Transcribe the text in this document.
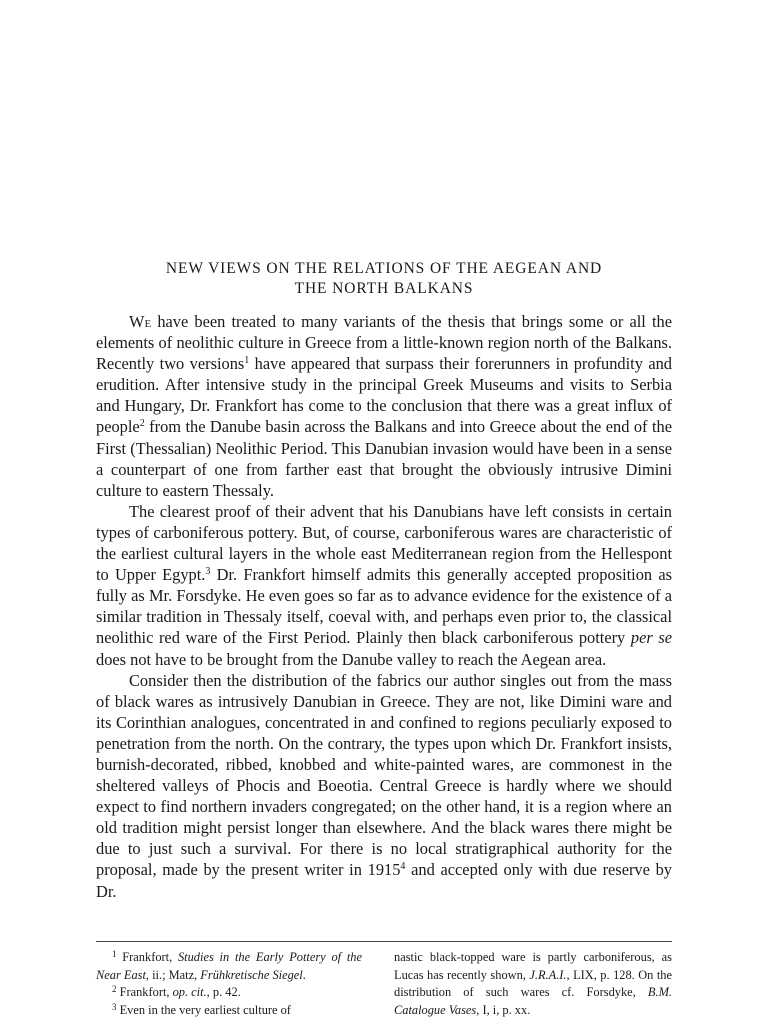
NEW VIEWS ON THE RELATIONS OF THE AEGEAN AND
THE NORTH BALKANS

We have been treated to many variants of the thesis that brings some or all the elements of neolithic culture in Greece from a little-known region north of the Balkans. Recently two versions$^1$ have appeared that surpass their forerunners in profundity and erudition. After intensive study in the principal Greek Museums and visits to Serbia and Hungary, Dr. Frankfort has come to the conclusion that there was a great influx of people$^2$ from the Danube basin across the Balkans and into Greece about the end of the First (Thessalian) Neolithic Period. This Danubian invasion would have been in a sense a counterpart of one from farther east that brought the obviously intrusive Dimini culture to eastern Thessaly.

The clearest proof of their advent that his Danubians have left consists in certain types of carboniferous pottery. But, of course, carboniferous wares are characteristic of the earliest cultural layers in the whole east Mediterranean region from the Hellespont to Upper Egypt.$^3$ Dr. Frankfort himself admits this generally accepted proposition as fully as Mr. Forsdyke. He even goes so far as to advance evidence for the existence of a similar tradition in Thessaly itself, coeval with, and perhaps even prior to, the classical neolithic red ware of the First Period. Plainly then black carboniferous pottery per se does not have to be brought from the Danube valley to reach the Aegean area.

Consider then the distribution of the fabrics our author singles out from the mass of black wares as intrusively Danubian in Greece. They are not, like Dimini ware and its Corinthian analogues, concentrated in and confined to regions peculiarly exposed to penetration from the north. On the contrary, the types upon which Dr. Frankfort insists, burnish-decorated, ribbed, knobbed and white-painted wares, are commonest in the sheltered valleys of Phocis and Boeotia. Central Greece is hardly where we should expect to find northern invaders congregated; on the other hand, it is a region where an old tradition might persist longer than elsewhere. And the black wares there might be due to just such a survival. For there is no local stratigraphical authority for the proposal, made by the present writer in 1915$^4$ and accepted only with due reserve by Dr.

$^1$ Frankfort, Studies in the Early Pottery of the Near East, ii.; Matz, Frühkretische Siegel.

$^2$ Frankfort, op. cit., p. 42.

$^3$ Even in the very earliest culture of

nastic black-topped ware is partly carboniferous, as Lucas has recently shown, J.R.A.I., LIX, p. 128. On the distribution of such wares cf. Forsdyke, B.M. Catalogue Vases, I, i, p. xx.
